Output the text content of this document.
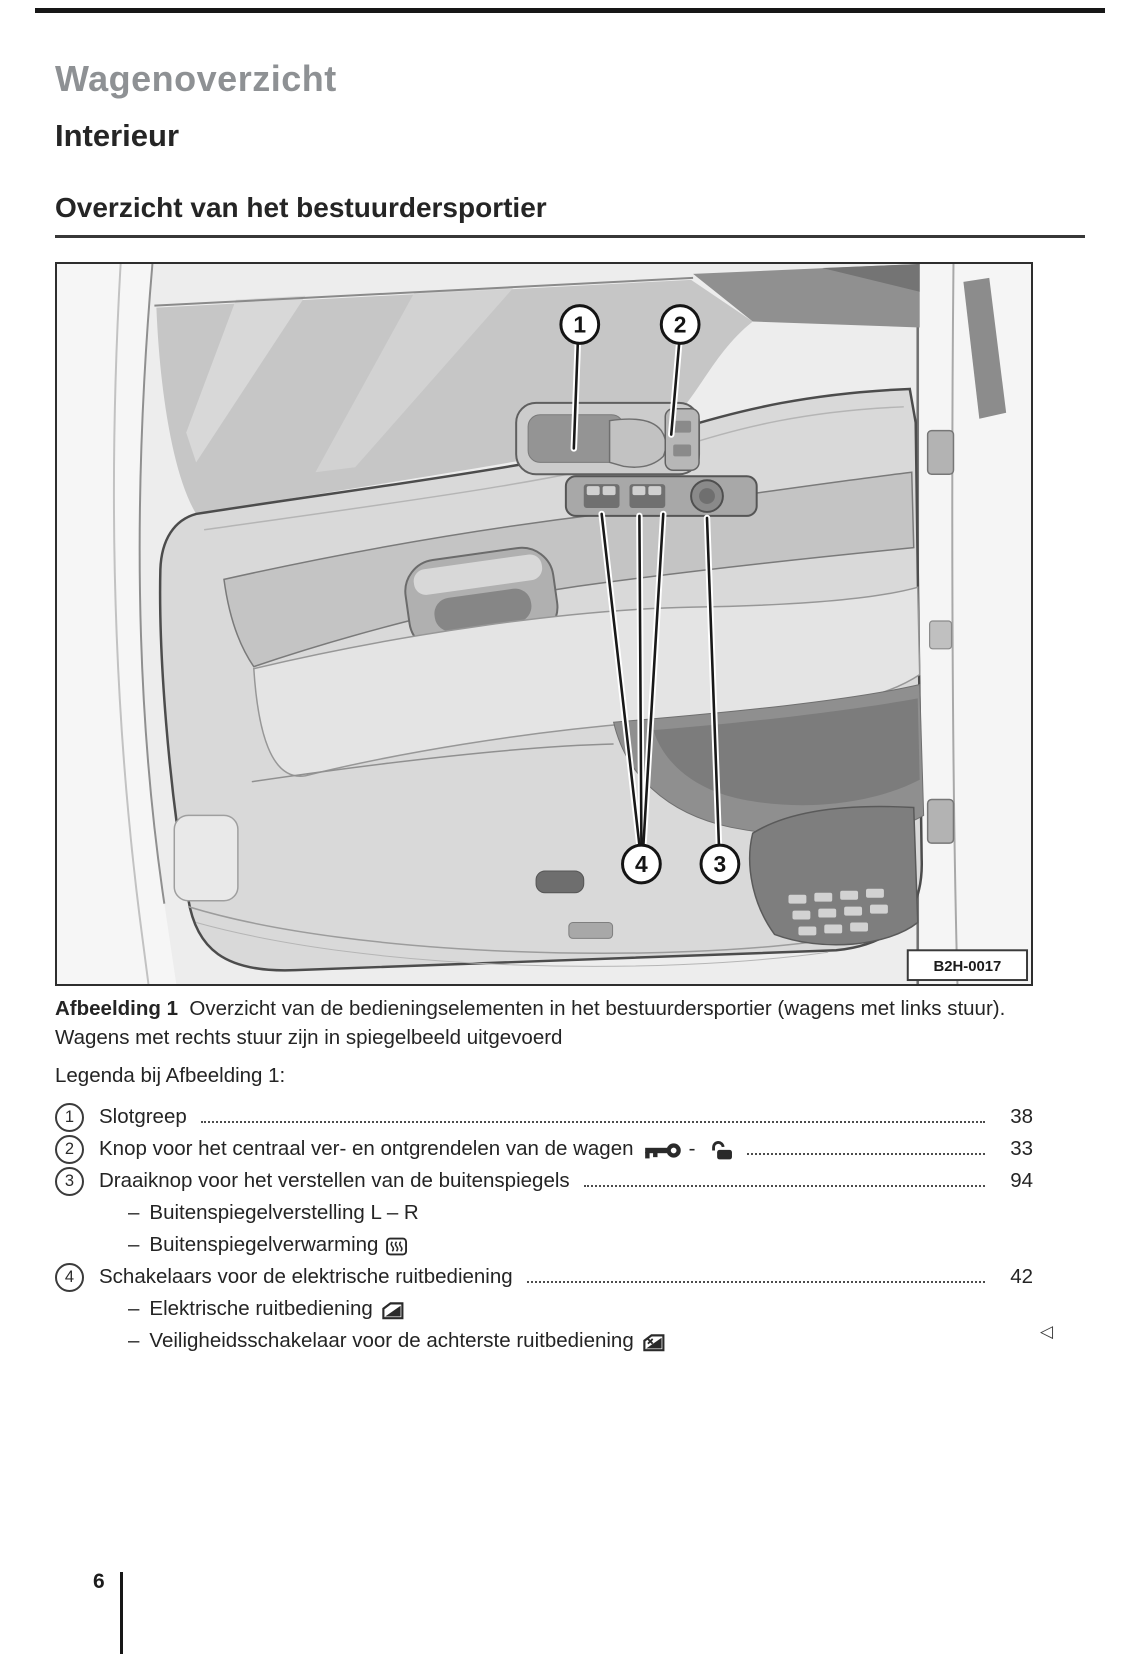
Wagenoverzicht
Interieur
Overzicht van het bestuurdersportier
1	2
4	3
B2H-0017
Afbeelding 1 Overzicht van de bedieningselementen in het bestuurdersportier (wagens met links stuur).
Wagens met rechts stuur zijn in spiegelbeeld uitgevoerd
Legenda bij Afbeelding 1:
1	Slotgreep	38
2	Knop voor het centraal ver- en ontgrendelen van de wagen	-	33
3	Draaiknop voor het verstellen van de buitenspiegels	94
– Buitenspiegelverstelling L – R
– Buitenspiegelverwarming
4	Schakelaars voor de elektrische ruitbediening	42
– Elektrische ruitbediening
– Veiligheidsschakelaar voor de achterste ruitbediening	◁
6
